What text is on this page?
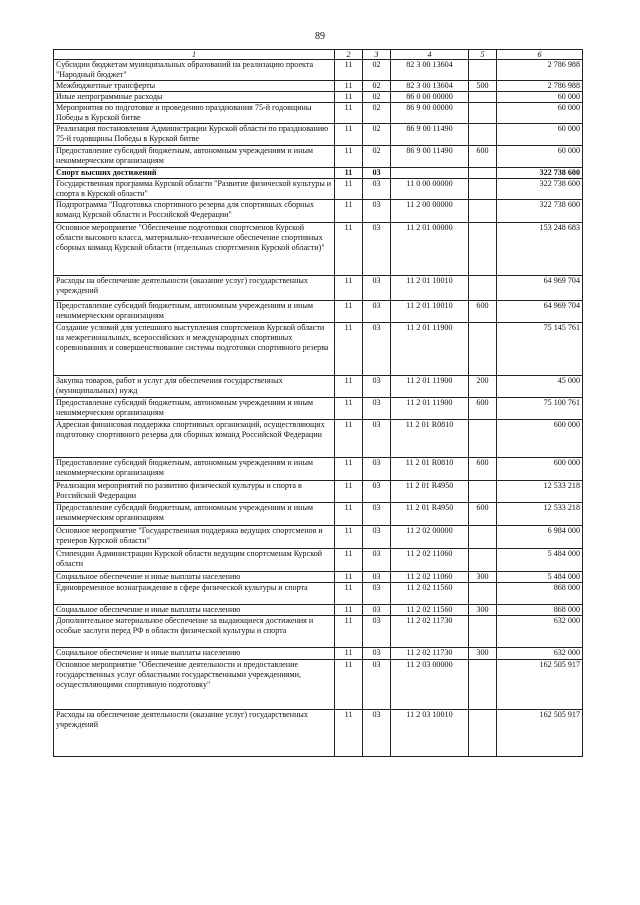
89
1	2	3	4	5	6
Субсидии бюджетам муниципальных образований на реализацию проекта "Народный бюджет"	11	02	82 3 00 13604		2 786 988
Межбюджетные трансферты	11	02	82 3 00 13604	500	2 786 988
Иные непрограммные расходы	11	02	86 0 00 00000		60 000
Мероприятия по подготовке и проведению празднования 75-й годовщины Победы в Курской битве	11	02	86 9 00 00000		60 000
Реализация постановления Администрации Курской области по празднованию 75-й годовщины Победы в Курской битве	11	02	86 9 00 11490		60 000
Предоставление субсидий бюджетным, автономным учреждениям и иным некоммерческим организациям	11	02	86 9 00 11490	600	60 000
Спорт высших достижений	11	03			322 738 600
Государственная программа Курской области "Развитие физической культуры и спорта в Курской области"	11	03	11 0 00 00000		322 738 600
Подпрограмма "Подготовка спортивного резерва для спортивных сборных команд Курской области и Российской Федерации"	11	03	11 2 00 00000		322 738 600
Основное мероприятие "Обеспечение подготовки спортсменов Курской области высокого класса, материально-техническое обеспечение спортивных сборных команд Курской области (отдельных спортсменов Курской области)"	11	03	11 2 01 00000		153 248 683
Расходы на обеспечение деятельности (оказание услуг) государственных учреждений	11	03	11 2 01 10010		64 969 704
Предоставление субсидий бюджетным, автономным учреждениям и иным некоммерческим организациям	11	03	11 2 01 10010	600	64 969 704
Создание условий для успешного выступления спортсменов Курской области на межрегиональных, всероссийских и международных спортивных соревнованиях и совершенствование системы подготовки спортивного резерва	11	03	11 2 01 11900		75 145 761
Закупка товаров, работ и услуг для обеспечения государственных (муниципальных) нужд	11	03	11 2 01 11900	200	45 000
Предоставление субсидий бюджетным, автономным учреждениям и иным некоммерческим организациям	11	03	11 2 01 11900	600	75 100 761
Адресная финансовая поддержка спортивных организаций, осуществляющих подготовку спортивного резерва для сборных команд Российской Федерации	11	03	11 2 01 R0810		600 000
Предоставление субсидий бюджетным, автономным учреждениям и иным некоммерческим организациям	11	03	11 2 01 R0810	600	600 000
Реализация мероприятий по развитию физической культуры и спорта в Российской Федерации	11	03	11 2 01 R4950		12 533 218
Предоставление субсидий бюджетным, автономным учреждениям и иным некоммерческим организациям	11	03	11 2 01 R4950	600	12 533 218
Основное мероприятие "Государственная поддержка ведущих спортсменов и тренеров Курской области"	11	03	11 2 02 00000		6 984 000
Стипендии Администрации Курской области ведущим спортсменам Курской области	11	03	11 2 02 11060		5 484 000
Социальное обеспечение и иные выплаты населению	11	03	11 2 02 11060	300	5 484 000
Единовременное вознаграждение в сфере физической культуры и спорта	11	03	11 2 02 11560		868 000
Социальное обеспечение и иные выплаты населению	11	03	11 2 02 11560	300	868 000
Дополнительное материальное обеспечение за выдающиеся достижения и особые заслуги перед РФ в области физической культуры и спорта	11	03	11 2 02 11730		632 000
Социальное обеспечение и иные выплаты населению	11	03	11 2 02 11730	300	632 000
Основное мероприятие "Обеспечение деятельности и предоставление государственных услуг областными государственными учреждениями, осуществляющими спортивную подготовку"	11	03	11 2 03 00000		162 505 917
Расходы на обеспечение деятельности (оказание услуг) государственных учреждений	11	03	11 2 03 10010		162 505 917
